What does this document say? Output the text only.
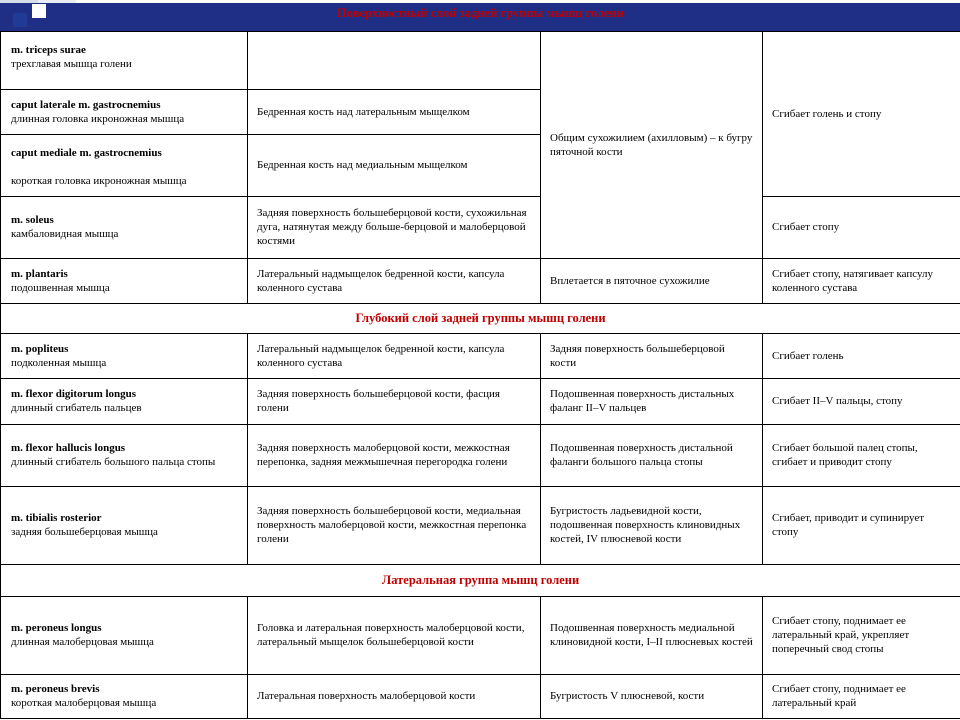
Поверхностный слой задней группы мышц голени			

m. triceps surae
трехглавая мышца голени		Общим сухожилием (ахилловым) – к бугру пяточной кости	Сгибает голень и стопу

caput laterale m. gastrocnemius
длинная головка икроножная мышца	Бедренная кость над латеральным мыщелком		

caput mediale m. gastrocnemius
короткая головка икроножная мышца	Бедренная кость над медиальным мыщелком		

m. soleus
камбаловидная мышца	Задняя поверхность большеберцовой кости, сухожильная дуга, натянутая между больше-берцовой и малоберцовой костями		Сгибает стопу

m. plantaris
подошвенная мышца	Латеральный надмыщелок бедренной кости, капсула коленного сустава	Вплетается в пяточное сухожилие	Сгибает стопу, натягивает капсулу коленного сустава
Глубокий слой задней группы мышц голени			

m. popliteus
подколенная мышца	Латеральный надмыщелок бедренной кости, капсула коленного сустава	Задняя поверхность большеберцовой кости	Сгибает голень

m. flexor digitorum longus
длинный сгибатель пальцев	Задняя поверхность большеберцовой кости, фасция голени	Подошвенная поверхность дистальных фаланг II–V пальцев	Сгибает II–V пальцы, стопу

m. flexor hallucis longus
длинный сгибатель большого пальца стопы	Задняя поверхность малоберцовой кости, межкостная перепонка, задняя межмышечная перегородка голени	Подошвенная поверхность дистальной фаланги большого пальца стопы	Сгибает большой палец стопы, сгибает и приводит стопу

m. tibialis rosterior
задняя большеберцовая мышца	Задняя поверхность большеберцовой кости, медиальная поверхность малоберцовой кости, межкостная перепонка голени	Бугристость ладьевидной кости, подошвенная поверхность клиновидных костей, IV плюсневой кости	Сгибает, приводит и супинирует стопу
Латеральная группа мышц голени			

m. peroneus longus
длинная малоберцовая мышца	Головка и латеральная поверхность малоберцовой кости, латеральный мыщелок большеберцовой кости	Подошвенная поверхность медиальной клиновидной кости, I–II плюсневых костей	Сгибает стопу, поднимает ее латеральный край, укрепляет поперечный свод стопы

m. peroneus brevis
короткая малоберцовая мышца	Латеральная поверхность малоберцовой кости	Бугристость V плюсневой, кости	Сгибает стопу, поднимает ее латеральный край
